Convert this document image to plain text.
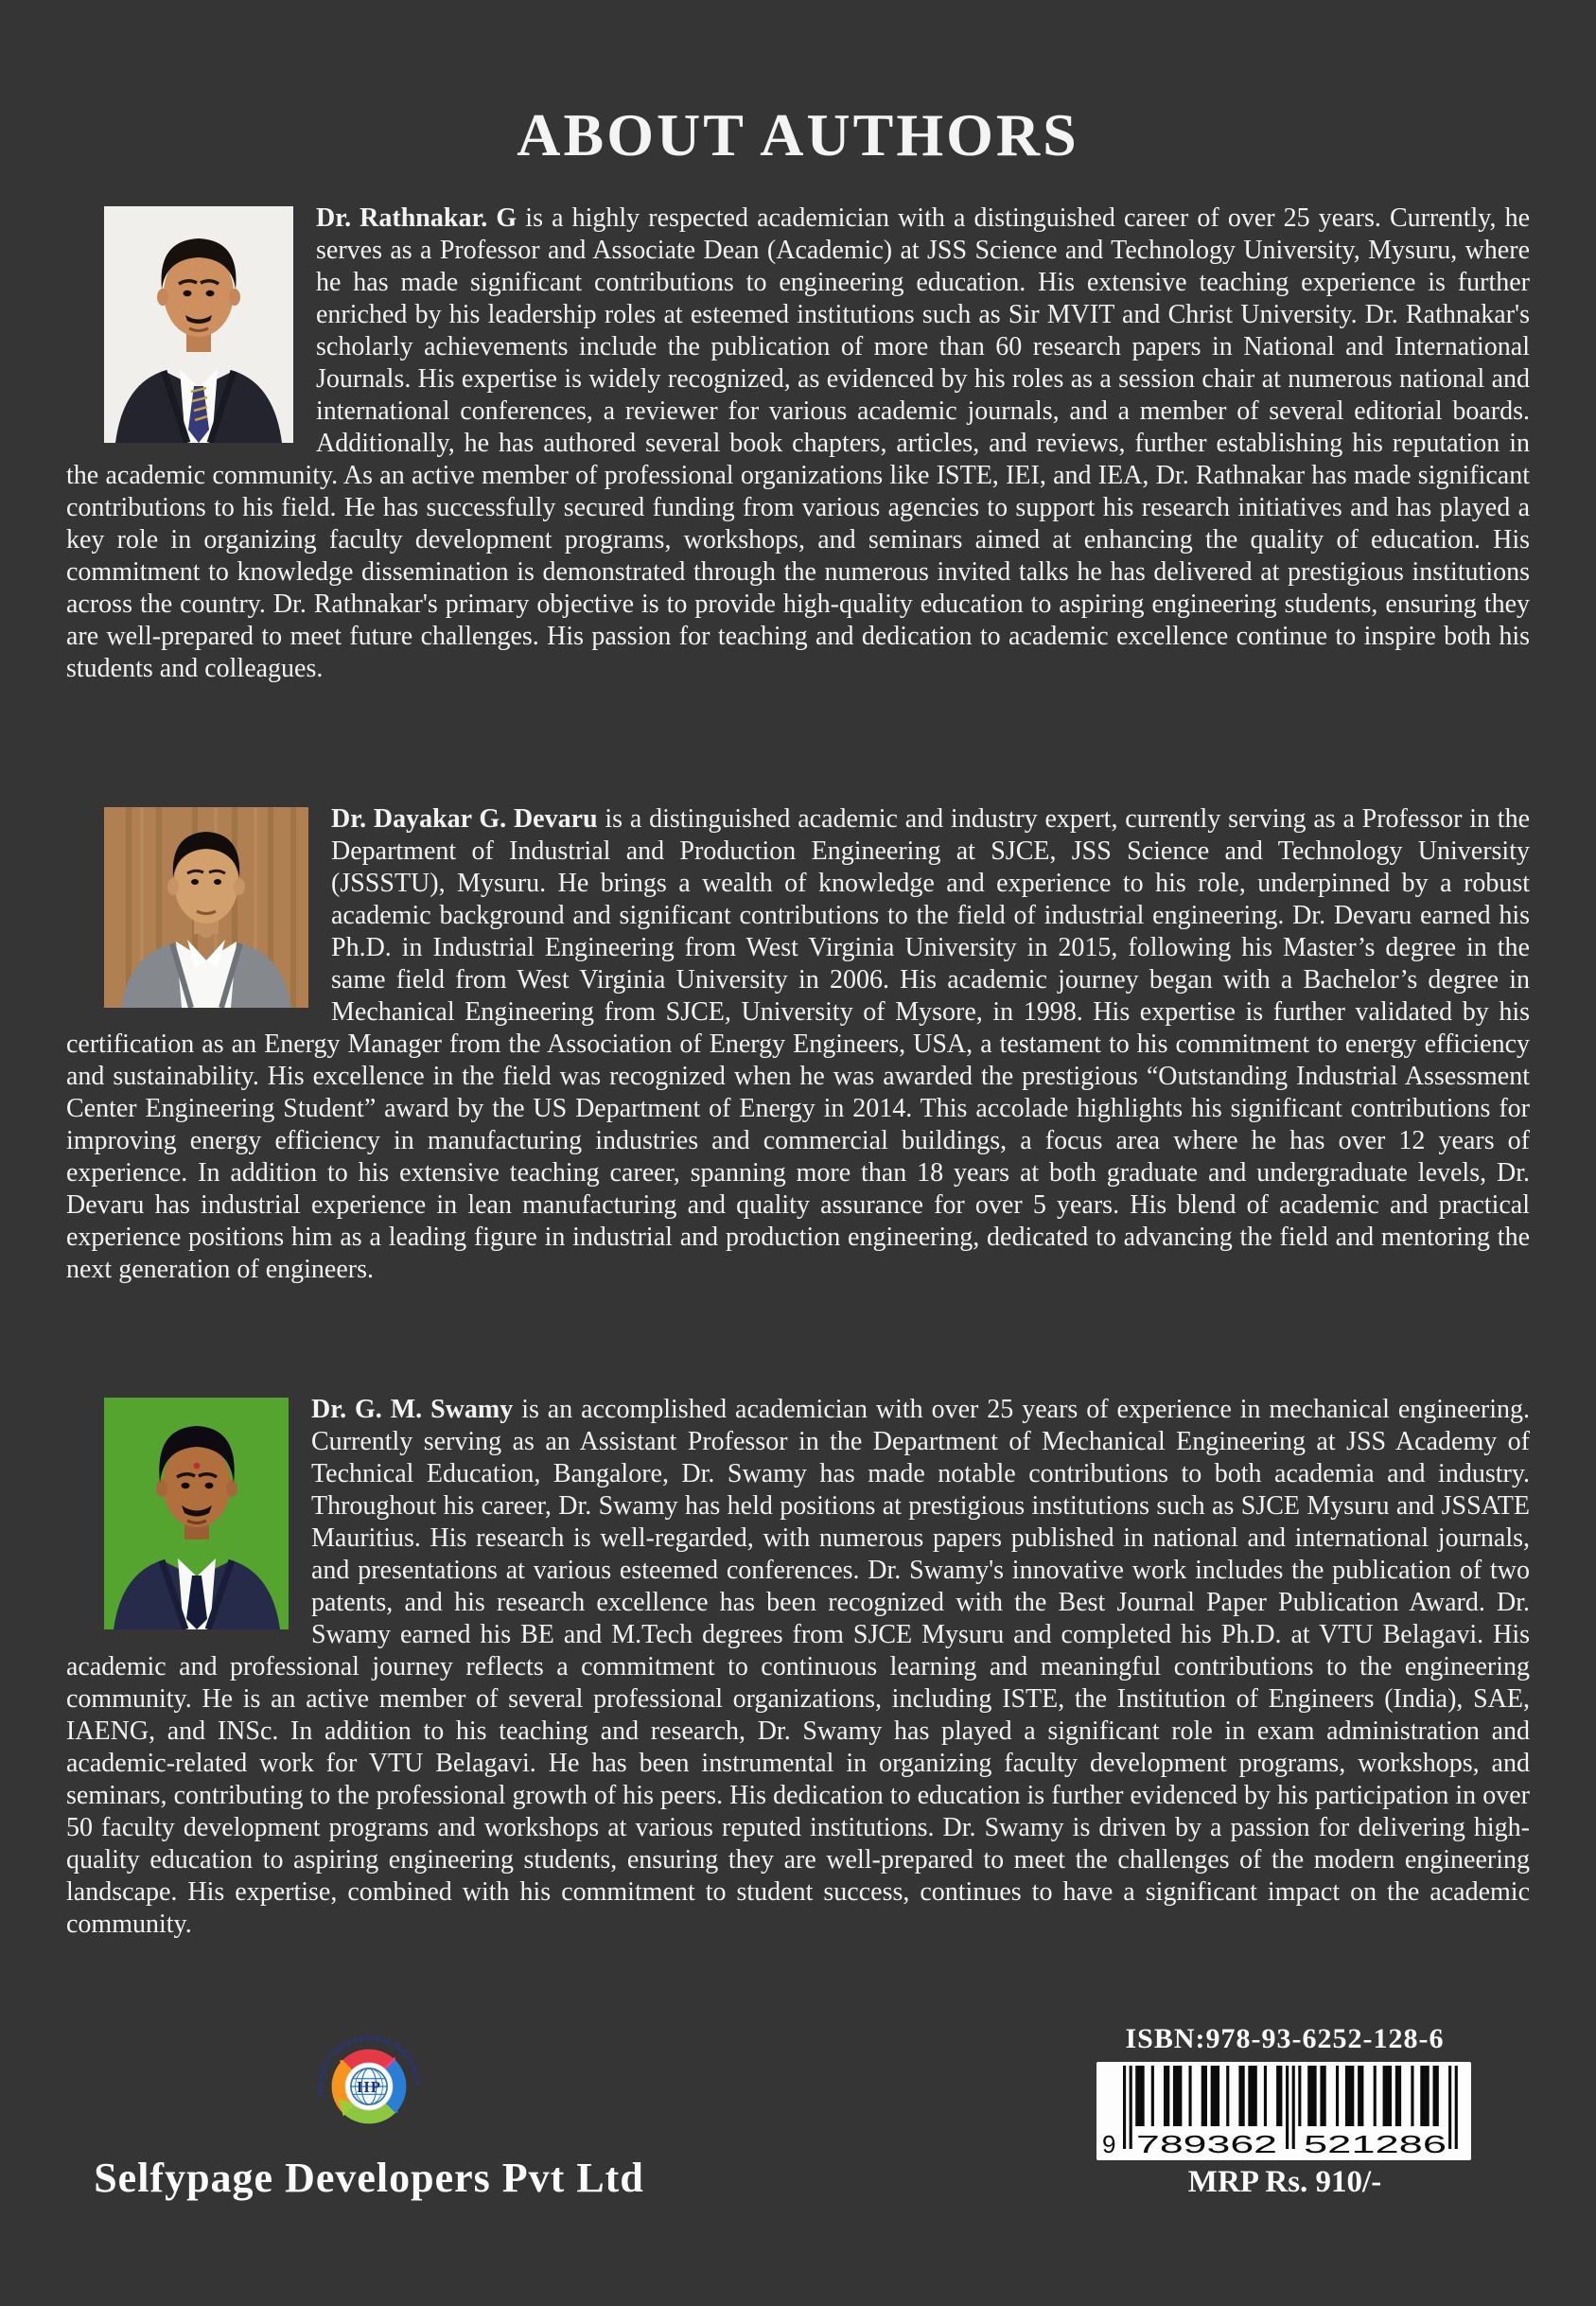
ABOUT AUTHORS
Dr. Rathnakar. G is a highly respected academician with a distinguished career of over 25 years. Currently, he serves as a Professor and Associate Dean (Academic) at JSS Science and Technology University, Mysuru, where he has made significant contributions to engineering education. His extensive teaching experience is further enriched by his leadership roles at esteemed institutions such as Sir MVIT and Christ University. Dr. Rathnakar's scholarly achievements include the publication of more than 60 research papers in National and International Journals. His expertise is widely recognized, as evidenced by his roles as a session chair at numerous national and international conferences, a reviewer for various academic journals, and a member of several editorial boards. Additionally, he has authored several book chapters, articles, and reviews, further establishing his reputation in the academic community. As an active member of professional organizations like ISTE, IEI, and IEA, Dr. Rathnakar has made significant contributions to his field. He has successfully secured funding from various agencies to support his research initiatives and has played a key role in organizing faculty development programs, workshops, and seminars aimed at enhancing the quality of education. His commitment to knowledge dissemination is demonstrated through the numerous invited talks he has delivered at prestigious institutions across the country. Dr. Rathnakar's primary objective is to provide high-quality education to aspiring engineering students, ensuring they are well-prepared to meet future challenges. His passion for teaching and dedication to academic excellence continue to inspire both his students and colleagues.
Dr. Dayakar G. Devaru is a distinguished academic and industry expert, currently serving as a Professor in the Department of Industrial and Production Engineering at SJCE, JSS Science and Technology University (JSSSTU), Mysuru. He brings a wealth of knowledge and experience to his role, underpinned by a robust academic background and significant contributions to the field of industrial engineering. Dr. Devaru earned his Ph.D. in Industrial Engineering from West Virginia University in 2015, following his Master’s degree in the same field from West Virginia University in 2006. His academic journey began with a Bachelor’s degree in Mechanical Engineering from SJCE, University of Mysore, in 1998. His expertise is further validated by his certification as an Energy Manager from the Association of Energy Engineers, USA, a testament to his commitment to energy efficiency and sustainability. His excellence in the field was recognized when he was awarded the prestigious “Outstanding Industrial Assessment Center Engineering Student” award by the US Department of Energy in 2014. This accolade highlights his significant contributions for improving energy efficiency in manufacturing industries and commercial buildings, a focus area where he has over 12 years of experience. In addition to his extensive teaching career, spanning more than 18 years at both graduate and undergraduate levels, Dr. Devaru has industrial experience in lean manufacturing and quality assurance for over 5 years. His blend of academic and practical experience positions him as a leading figure in industrial and production engineering, dedicated to advancing the field and mentoring the next generation of engineers.
Dr. G. M. Swamy is an accomplished academician with over 25 years of experience in mechanical engineering. Currently serving as an Assistant Professor in the Department of Mechanical Engineering at JSS Academy of Technical Education, Bangalore, Dr. Swamy has made notable contributions to both academia and industry. Throughout his career, Dr. Swamy has held positions at prestigious institutions such as SJCE Mysuru and JSSATE Mauritius. His research is well-regarded, with numerous papers published in national and international journals, and presentations at various esteemed conferences. Dr. Swamy's innovative work includes the publication of two patents, and his research excellence has been recognized with the Best Journal Paper Publication Award. Dr. Swamy earned his BE and M.Tech degrees from SJCE Mysuru and completed his Ph.D. at VTU Belagavi. His academic and professional journey reflects a commitment to continuous learning and meaningful contributions to the engineering community. He is an active member of several professional organizations, including ISTE, the Institution of Engineers (India), SAE, IAENG, and INSc. In addition to his teaching and research, Dr. Swamy has played a significant role in exam administration and academic-related work for VTU Belagavi. He has been instrumental in organizing faculty development programs, workshops, and seminars, contributing to the professional growth of his peers. His dedication to education is further evidenced by his participation in over 50 faculty development programs and workshops at various reputed institutions. Dr. Swamy is driven by a passion for delivering high-quality education to aspiring engineering students, ensuring they are well-prepared to meet the challenges of the modern engineering landscape. His expertise, combined with his commitment to student success, continues to have a significant impact on the academic community.
IIP
Iterative International Publishers
Selfypage Developers Pvt Ltd
ISBN:978-93-6252-128-6
9 789362 521286
MRP Rs. 910/-
